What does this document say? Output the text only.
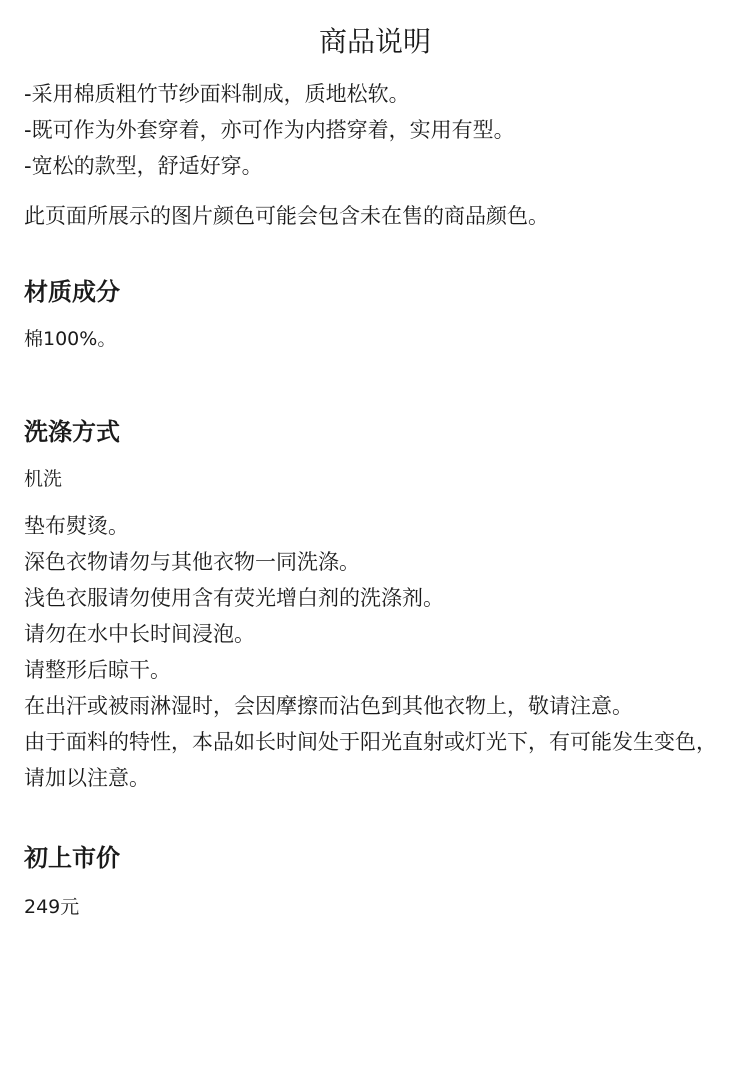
商品说明
-采用棉质粗竹节纱面料制成，质地松软。
-既可作为外套穿着，亦可作为内搭穿着，实用有型。
-宽松的款型，舒适好穿。

此页面所展示的图片颜色可能会包含未在售的商品颜色。

材质成分

棉100%。

洗涤方式

机洗

垫布熨烫。
深色衣物请勿与其他衣物一同洗涤。
浅色衣服请勿使用含有荧光增白剂的洗涤剂。
请勿在水中长时间浸泡。
请整形后晾干。
在出汗或被雨淋湿时，会因摩擦而沾色到其他衣物上，敬请注意。
由于面料的特性，本品如长时间处于阳光直射或灯光下，有可能发生变色，请加以注意。
初上市价

249元
